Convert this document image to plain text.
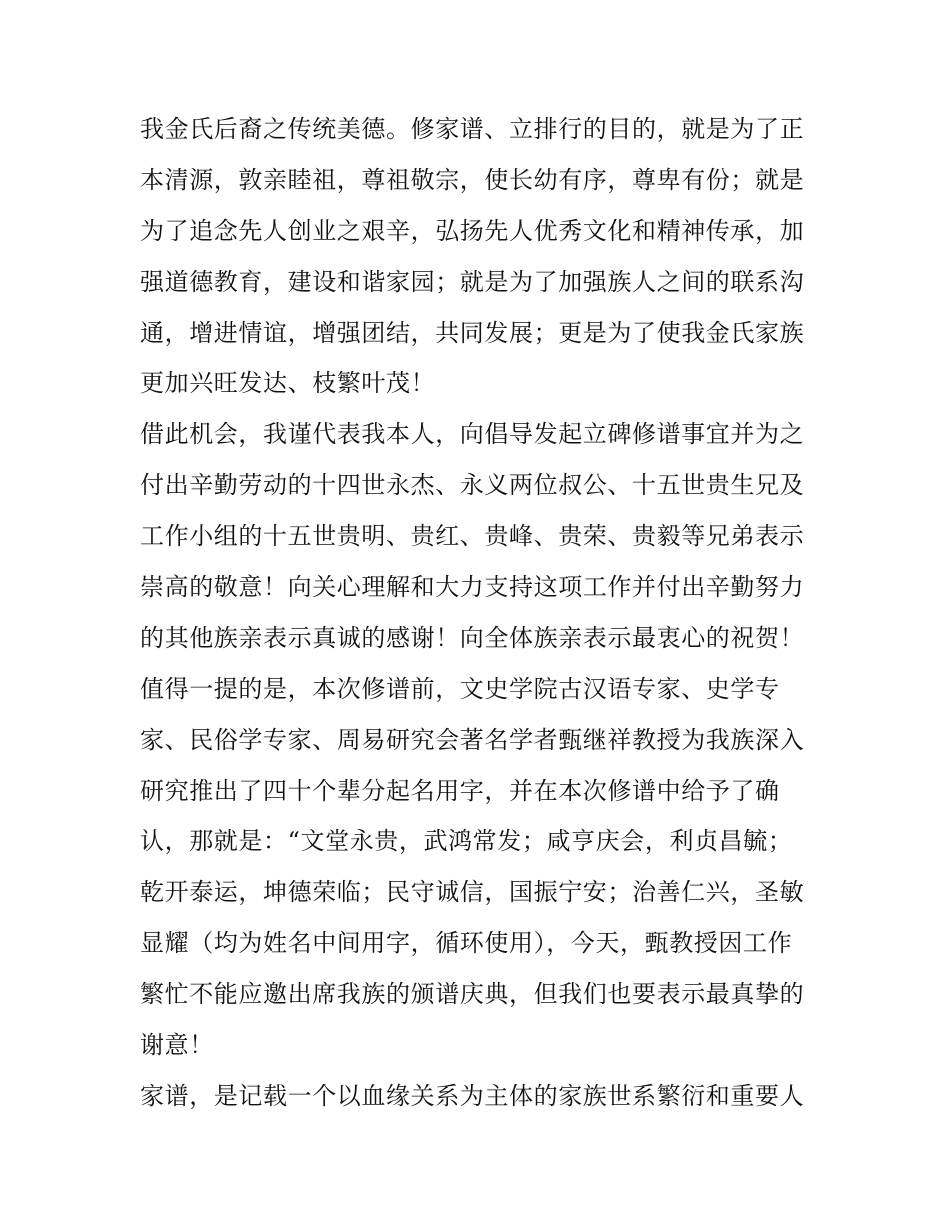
我金氏后裔之传统美德。修家谱、立排行的目的，就是为了正
本清源，敦亲睦祖，尊祖敬宗，使长幼有序，尊卑有份；就是
为了追念先人创业之艰辛，弘扬先人优秀文化和精神传承，加
强道德教育，建设和谐家园；就是为了加强族人之间的联系沟
通，增进情谊，增强团结，共同发展；更是为了使我金氏家族
更加兴旺发达、枝繁叶茂！
借此机会，我谨代表我本人，向倡导发起立碑修谱事宜并为之
付出辛勤劳动的十四世永杰、永义两位叔公、十五世贵生兄及
工作小组的十五世贵明、贵红、贵峰、贵荣、贵毅等兄弟表示
崇高的敬意！向关心理解和大力支持这项工作并付出辛勤努力
的其他族亲表示真诚的感谢！向全体族亲表示最衷心的祝贺！
值得一提的是，本次修谱前，文史学院古汉语专家、史学专
家、民俗学专家、周易研究会著名学者甄继祥教授为我族深入
研究推出了四十个辈分起名用字，并在本次修谱中给予了确
认，那就是：“文堂永贵，武鸿常发；咸亨庆会，利贞昌毓；
乾开泰运，坤德荣临；民守诚信，国振宁安；治善仁兴，圣敏
显耀（均为姓名中间用字，循环使用），今天，甄教授因工作
繁忙不能应邀出席我族的颁谱庆典，但我们也要表示最真挚的
谢意！
家谱，是记载一个以血缘关系为主体的家族世系繁衍和重要人
